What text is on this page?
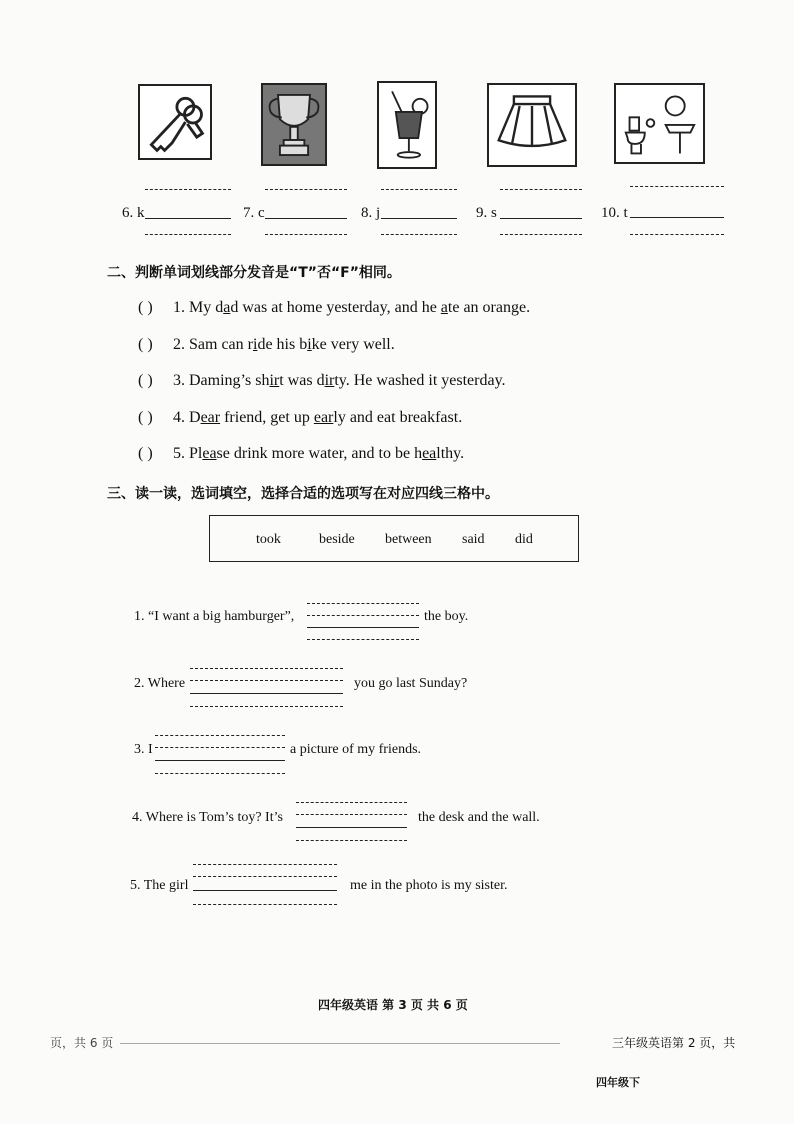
6. k	7. c	8. j	9. s	10. t
二、判断单词划线部分发音是“T”否“F”相同。
( ) 1. My dad was at home yesterday, and he ate an orange.
( ) 2. Sam can ride his bike very well.
( ) 3. Daming’s shirt was dirty. He washed it yesterday.
( ) 4. Dear friend, get up early and eat breakfast.
( ) 5. Please drink more water, and to be healthy.
三、读一读，选词填空，选择合适的选项写在对应四线三格中。
took	beside between said did
1. “I want a big hamburger”,	the boy.
2. Where	you go last Sunday?
3. I	a picture of my friends.
4. Where is Tom’s toy? It’s	the desk and the wall.
5. The girl	me in the photo is my sister.
四年级英语 第 3 页 共 6 页
页，共 6 页	三年级英语第 2 页，共
四年级下
